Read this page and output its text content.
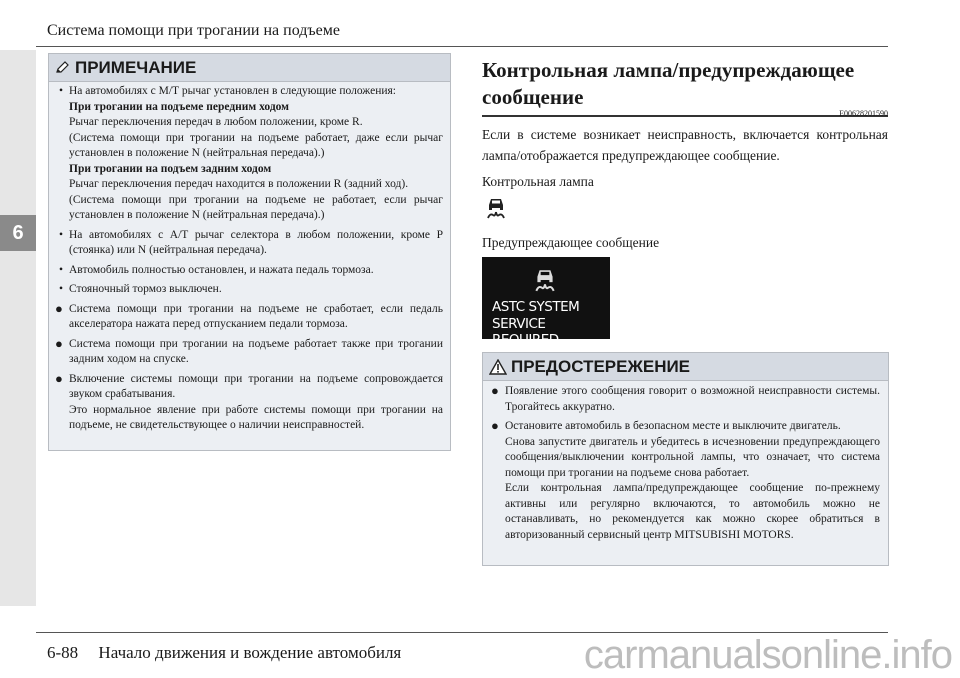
6
Система помощи при трогании на подъеме
ПРИМЕЧАНИЕ
• На автомобилях с М/Т рычаг установлен в следующие положения:
При трогании на подъеме передним ходом
Рычаг переключения передач в любом положении, кроме R.
(Система помощи при трогании на подъеме работает, даже если рычаг установлен в положение N (нейтральная передача).)
При трогании на подъем задним ходом
Рычаг переключения передач находится в положении R (задний ход).
(Система помощи при трогании на подъеме не работает, если рычаг установлен в положение N (нейтральная передача).)
• На автомобилях с А/Т рычаг селектора в любом положении, кроме Р (стоянка) или N (нейтральная передача).
• Автомобиль полностью остановлен, и нажата педаль тормоза.
• Стояночный тормоз выключен.
● Система помощи при трогании на подъеме не сработает, если педаль акселератора нажата перед отпусканием педали тормоза.
● Система помощи при трогании на подъеме работает также при трогании задним ходом на спуске.
● Включение системы помощи при трогании на подъеме сопровождается звуком срабатывания.
Это нормальное явление при работе системы помощи при трогании на подъеме, не свидетельствующее о наличии неисправностей.
Контрольная лампа/предупреждающее сообщение
E00628201590
Если в системе возникает неисправность, включается контрольная лампа/отображается предупреждающее сообщение.
Контрольная лампа
Предупреждающее сообщение
ASTC SYSTEM
SERVICE REQUIRED
ПРЕДОСТЕРЕЖЕНИЕ
● Появление этого сообщения говорит о возможной неисправности системы. Трогайтесь аккуратно.
● Остановите автомобиль в безопасном месте и выключите двигатель.
Снова запустите двигатель и убедитесь в исчезновении предупреждающего сообщения/выключении контрольной лампы, что означает, что система помощи при трогании на подъеме снова работает.
Если контрольная лампа/предупреждающее сообщение по-прежнему активны или регулярно включаются, то автомобиль можно не останавливать, но рекомендуется как можно скорее обратиться в авторизованный сервисный центр MITSUBISHI MOTORS.
6-88 Начало движения и вождение автомобиля	carmanualsonline.info
